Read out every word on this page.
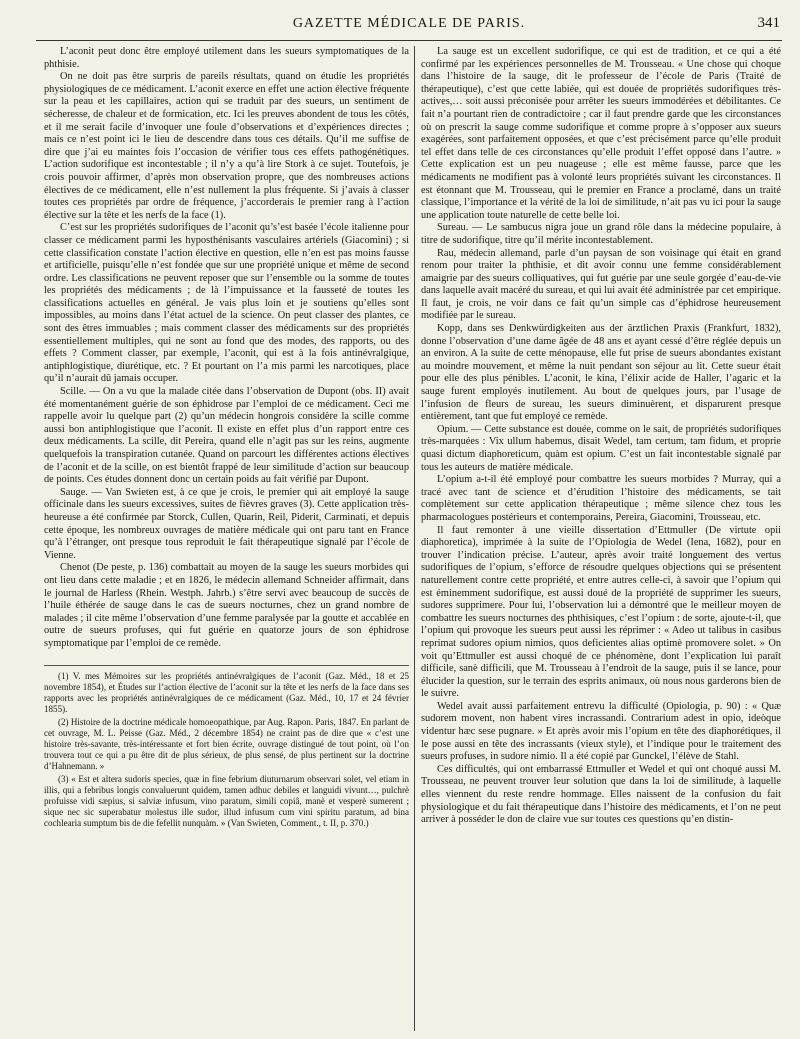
GAZETTE MÉDICALE DE PARIS.	341

L’aconit peut donc être employé utilement dans les sueurs symptomatiques de la phthisie.

On ne doit pas être surpris de pareils résultats, quand on étudie les propriétés physiologiques de ce médicament. L’aconit exerce en effet une action élective fréquente sur la peau et les capillaires, action qui se traduit par des sueurs, un sentiment de sécheresse, de chaleur et de formication, etc. Ici les preuves abondent de tous les côtés, et il me serait facile d’invoquer une foule d’observations et d’expériences directes ; mais ce n’est point ici le lieu de descendre dans tous ces détails. Qu’il me suffise de dire que j’ai eu maintes fois l’occasion de vérifier tous ces effets pathogénétiques. L’action sudorifique est incontestable ; il n’y a qu’à lire Stork à ce sujet. Toutefois, je crois pouvoir affirmer, d’après mon observation propre, que des nombreuses actions électives de ce médicament, elle n’est nullement la plus fréquente. Si j’avais à classer toutes ces propriétés par ordre de fréquence, j’accorderais le premier rang à l’action élective sur la tête et les nerfs de la face (1).

C’est sur les propriétés sudorifiques de l’aconit qu’s’est basée l’école italienne pour classer ce médicament parmi les hyposthénisants vasculaires artériels (Giacomini) ; si cette classification constate l’action élective en question, elle n’en est pas moins fausse et artificielle, puisqu’elle n’est fondée que sur une propriété unique et même de second ordre. Les classifications ne peuvent reposer que sur l’ensemble ou la somme de toutes les propriétés des médicaments ; de là l’impuissance et la fausseté de toutes les classifications actuelles en général. Je vais plus loin et je soutiens qu’elles sont impossibles, au moins dans l’état actuel de la science. On peut classer des plantes, ce sont des êtres immuables ; mais comment classer des médicaments sur des propriétés essentiellement multiples, qui ne sont au fond que des modes, des rapports, ou des effets ? Comment classer, par exemple, l’aconit, qui est à la fois antinévralgique, antiphlogistique, diurétique, etc. ? Et pourtant on l’a mis parmi les narcotiques, place qu’il n’aurait dû jamais occuper.

Scille. — On a vu que la malade citée dans l’observation de Dupont (obs. II) avait été momentanément guérie de son éphidrose par l’emploi de ce médicament. Ceci me rappelle avoir lu quelque part (2) qu’un médecin hongrois considère la scille comme aussi bon antiphlogistique que l’aconit. Il existe en effet plus d’un rapport entre ces deux médicaments. La scille, dit Pereira, quand elle n’agit pas sur les reins, augmente quelquefois la transpiration cutanée. Quand on parcourt les différentes actions électives de l’aconit et de la scille, on est bientôt frappé de leur similitude d’action sur beaucoup de points. Ces études donnent donc un certain poids au fait vérifié par Dupont.

Sauge. — Van Swieten est, à ce que je crois, le premier qui ait employé la sauge officinale dans les sueurs excessives, suites de fièvres graves (3). Cette application très-heureuse a été confirmée par Storck, Cullen, Quarin, Reil, Piderit, Carminati, et depuis cette époque, les nombreux ouvrages de matière médicale qui ont paru tant en France qu’à l’étranger, ont presque tous reproduit le fait thérapeutique signalé par l’école de Vienne.

Chenot (De peste, p. 136) combattait au moyen de la sauge les sueurs morbides qui ont lieu dans cette maladie ; et en 1826, le médecin allemand Schneider affirmait, dans le journal de Harless (Rhein. Westph. Jahrb.) s’être servi avec beaucoup de succès de l’huile éthérée de sauge dans le cas de sueurs nocturnes, chez un grand nombre de malades ; il cite même l’observation d’une femme paralysée par la goutte et accablée en outre de sueurs profuses, qui fut guérie en quatorze jours de son éphidrose symptomatique par l’emploi de ce remède.

(1) V. mes Mémoires sur les propriétés antinévralgiques de l’aconit (Gaz. Méd., 18 et 25 novembre 1854), et Études sur l’action élective de l’aconit sur la tête et les nerfs de la face dans ses rapports avec les propriétés antinévralgiques de ce médicament (Gaz. Méd., 10, 17 et 24 février 1855).

(2) Histoire de la doctrine médicale homoeopathique, par Aug. Rapon. Paris, 1847. En parlant de cet ouvrage, M. L. Peisse (Gaz. Méd., 2 décembre 1854) ne craint pas de dire que « c’est une histoire très-savante, très-intéressante et fort bien écrite, ouvrage distingué de tout point, où l’on trouvera tout ce qui a pu être dit de plus sérieux, de plus sensé, de plus pertinent sur la doctrine d’Hahnemann. »

(3) « Est et altera sudoris species, quæ in fine febrium diuturnarum observari solet, vel etiam in illis, qui a febribus longis convaluerunt quidem, tamen adhuc debiles et languidi vivunt…, pulchrè profuisse vidi sæpius, si salviæ infusum, vino paratum, simili copiâ, manè et vesperè sumerent ; sique nec sic superabatur molestus ille sudor, illud infusum cum vini spiritu paratum, ad bina cochlearia sumptum bis de die fefellit nunquàm. » (Van Swieten, Comment., t. II, p. 370.)

La sauge est un excellent sudorifique, ce qui est de tradition, et ce qui a été confirmé par les expériences personnelles de M. Trousseau. « Une chose qui choque dans l’histoire de la sauge, dit le professeur de l’école de Paris (Traité de thérapeutique), c’est que cette labiée, qui est douée de propriétés sudorifiques très-actives,… soit aussi préconisée pour arrêter les sueurs immodérées et débilitantes. Ce fait n’a pourtant rien de contradictoire ; car il faut prendre garde que les circonstances où on prescrit la sauge comme sudorifique et comme propre à s’opposer aux sueurs exagérées, sont parfaitement opposées, et que c’est précisément parce qu’elle produit tel effet dans telle de ces circonstances qu’elle produit l’effet opposé dans l’autre. » Cette explication est un peu nuageuse ; elle est même fausse, parce que les médicaments ne modifient pas à volonté leurs propriétés suivant les circonstances. Il est étonnant que M. Trousseau, qui le premier en France a proclamé, dans un traité classique, l’importance et la vérité de la loi de similitude, n’ait pas vu ici pour la sauge une application toute naturelle de cette belle loi.

Sureau. — Le sambucus nigra joue un grand rôle dans la médecine populaire, à titre de sudorifique, titre qu’il mérite incontestablement.

Rau, médecin allemand, parle d’un paysan de son voisinage qui était en grand renom pour traiter la phthisie, et dit avoir connu une femme considérablement amaigrie par des sueurs colliquatives, qui fut guérie par une seule gorgée d’eau-de-vie dans laquelle avait macéré du sureau, et qui lui avait été administrée par cet empirique. Il faut, je crois, ne voir dans ce fait qu’un simple cas d’éphidrose heureusement modifiée par le sureau.

Kopp, dans ses Denkwürdigkeiten aus der ärztlichen Praxis (Frankfurt, 1832), donne l’observation d’une dame âgée de 48 ans et ayant cessé d’être réglée depuis un an environ. A la suite de cette ménopause, elle fut prise de sueurs abondantes existant au moindre mouvement, et même la nuit pendant son séjour au lit. Cette sueur était pour elle des plus pénibles. L’aconit, le kina, l’élixir acide de Haller, l’agaric et la sauge furent employés inutilement. Au bout de quelques jours, par l’usage de l’infusion de fleurs de sureau, les sueurs diminuèrent, et disparurent presque entièrement, tant que fut employé ce remède.

Opium. — Cette substance est douée, comme on le sait, de propriétés sudorifiques très-marquées : Vix ullum habemus, disait Wedel, tam certum, tam fidum, et proprie quasi dictum diaphoreticum, quàm est opium. C’est un fait incontestable signalé par tous les auteurs de matière médicale.

L’opium a-t-il été employé pour combattre les sueurs morbides ? Murray, qui a tracé avec tant de science et d’érudition l’histoire des médicaments, se tait complètement sur cette application thérapeutique ; même silence chez tous les pharmacologues postérieurs et contemporains, Pereira, Giacomini, Trousseau, etc.

Il faut remonter à une vieille dissertation d’Ettmuller (De virtute opii diaphoretica), imprimée à la suite de l’Opiologia de Wedel (Iena, 1682), pour en trouver l’indication précise. L’auteur, après avoir traité longuement des vertus sudorifiques de l’opium, s’efforce de résoudre quelques objections qui se présentent naturellement contre cette propriété, et entre autres celle-ci, à savoir que l’opium qui est éminemment sudorifique, est aussi doué de la propriété de supprimer les sueurs, sudores supprimere. Pour lui, l’observation lui a démontré que le meilleur moyen de combattre les sueurs nocturnes des phthisiques, c’est l’opium : de sorte, ajoute-t-il, que l’opium qui provoque les sueurs peut aussi les réprimer : « Adeo ut talibus in casibus reprimat sudores opium nimios, quos deficientes alias optimè promovere solet. » On voit qu’Ettmuller est aussi choqué de ce phénomène, dont l’explication lui paraît difficile, sanè difficili, que M. Trousseau à l’endroit de la sauge, puis il se lance, pour élucider la question, sur le terrain des esprits animaux, où nous nous garderons bien de le suivre.

Wedel avait aussi parfaitement entrevu la difficulté (Opiologia, p. 90) : « Quæ sudorem movent, non habent vires incrassandi. Contrarium adest in opio, ideòque videntur hæc sese pugnare. » Et après avoir mis l’opium en tête des diaphorétiques, il le pose aussi en tête des incrassants (vieux style), et l’indique pour le traitement des sueurs profuses, in sudore nimio. Il a été copié par Gunckel, l’élève de Stahl.

Ces difficultés, qui ont embarrassé Ettmuller et Wedel et qui ont choqué aussi M. Trousseau, ne peuvent trouver leur solution que dans la loi de similitude, à laquelle elles viennent du reste rendre hommage. Elles naissent de la confusion du fait physiologique et du fait thérapeutique dans l’histoire des médicaments, et l’on ne peut arriver à posséder le don de claire vue sur toutes ces questions qu’en distin-
